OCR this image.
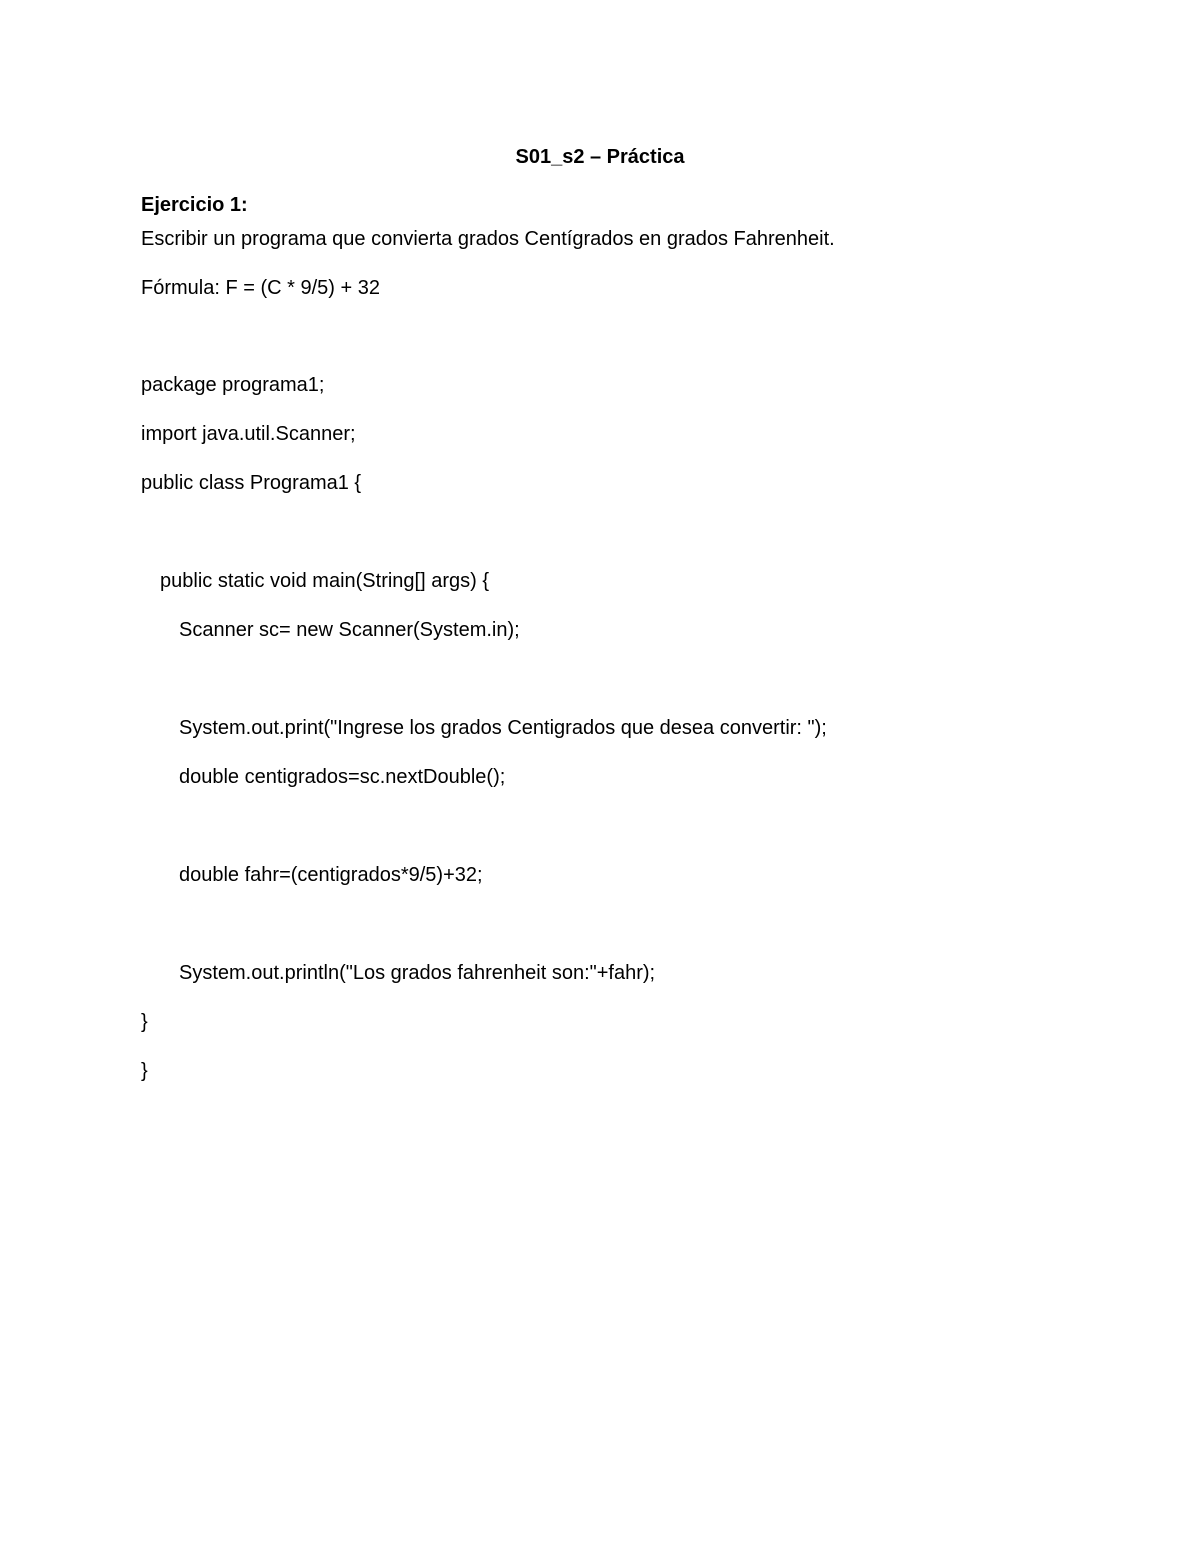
S01_s2 – Práctica
Ejercicio 1:
Escribir un programa que convierta grados Centígrados en grados Fahrenheit.
Fórmula: F = (C * 9/5) + 32
package programa1;
import java.util.Scanner;
public class Programa1 {
public static void main(String[] args) {
Scanner sc= new Scanner(System.in);
System.out.print("Ingrese los grados Centigrados que desea convertir: ");
double centigrados=sc.nextDouble();
double fahr=(centigrados*9/5)+32;
System.out.println("Los grados fahrenheit son:"+fahr);
}
}
